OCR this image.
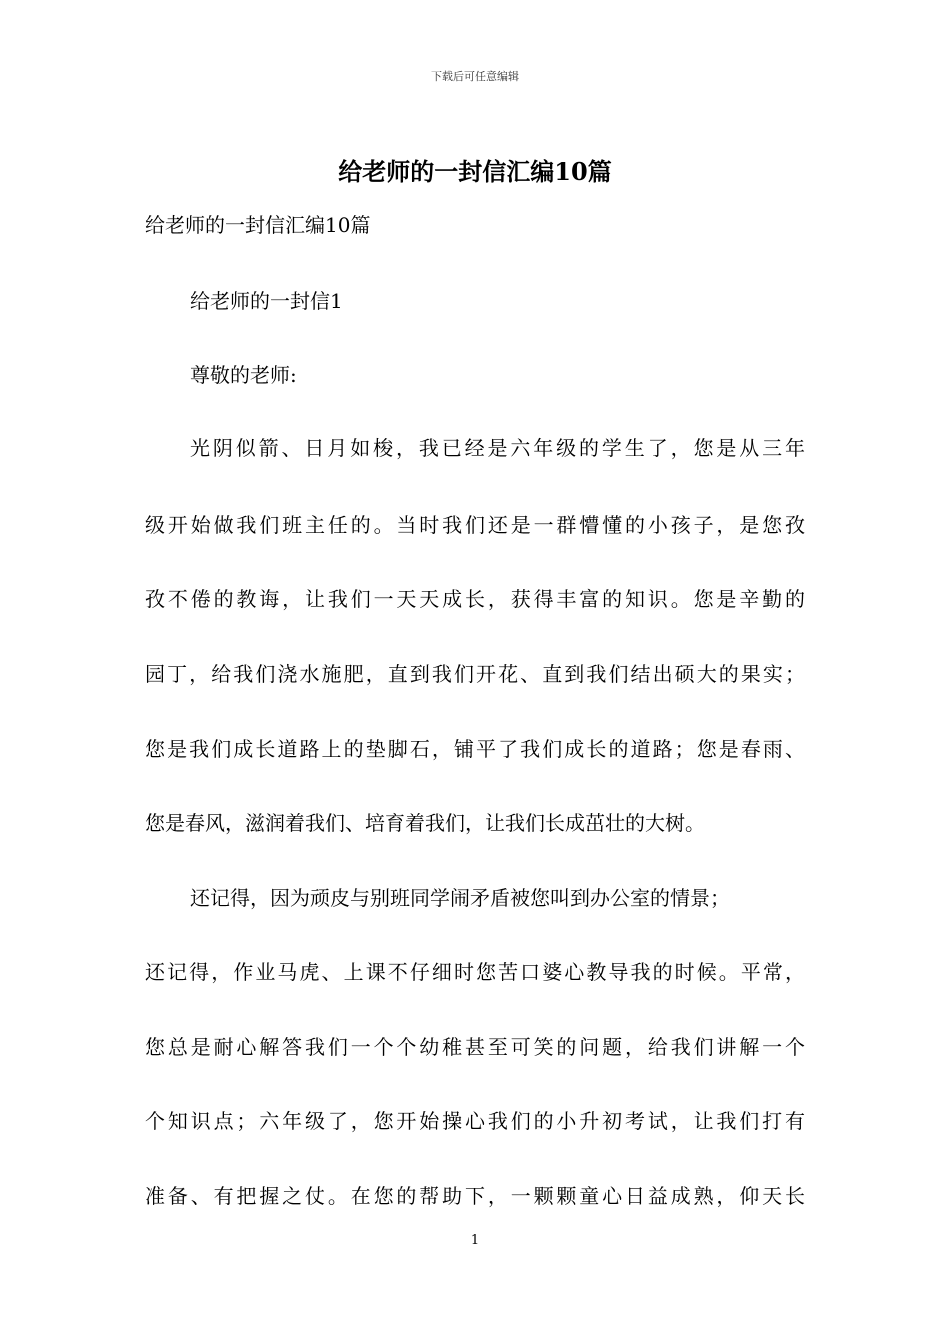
下载后可任意编辑
给老师的一封信汇编10篇
给老师的一封信汇编10篇
给老师的一封信1
尊敬的老师:
光阴似箭、日月如梭，我已经是六年级的学生了，您是从三年
级开始做我们班主任的。当时我们还是一群懵懂的小孩子，是您孜
孜不倦的教诲，让我们一天天成长，获得丰富的知识。您是辛勤的
园丁，给我们浇水施肥，直到我们开花、直到我们结出硕大的果实；
您是我们成长道路上的垫脚石，铺平了我们成长的道路；您是春雨、
您是春风，滋润着我们、培育着我们，让我们长成茁壮的大树。
还记得，因为顽皮与别班同学闹矛盾被您叫到办公室的情景；
还记得，作业马虎、上课不仔细时您苦口婆心教导我的时候。平常，
您总是耐心解答我们一个个幼稚甚至可笑的问题，给我们讲解一个
个知识点；六年级了，您开始操心我们的小升初考试，让我们打有
准备、有把握之仗。在您的帮助下，一颗颗童心日益成熟，仰天长
1
